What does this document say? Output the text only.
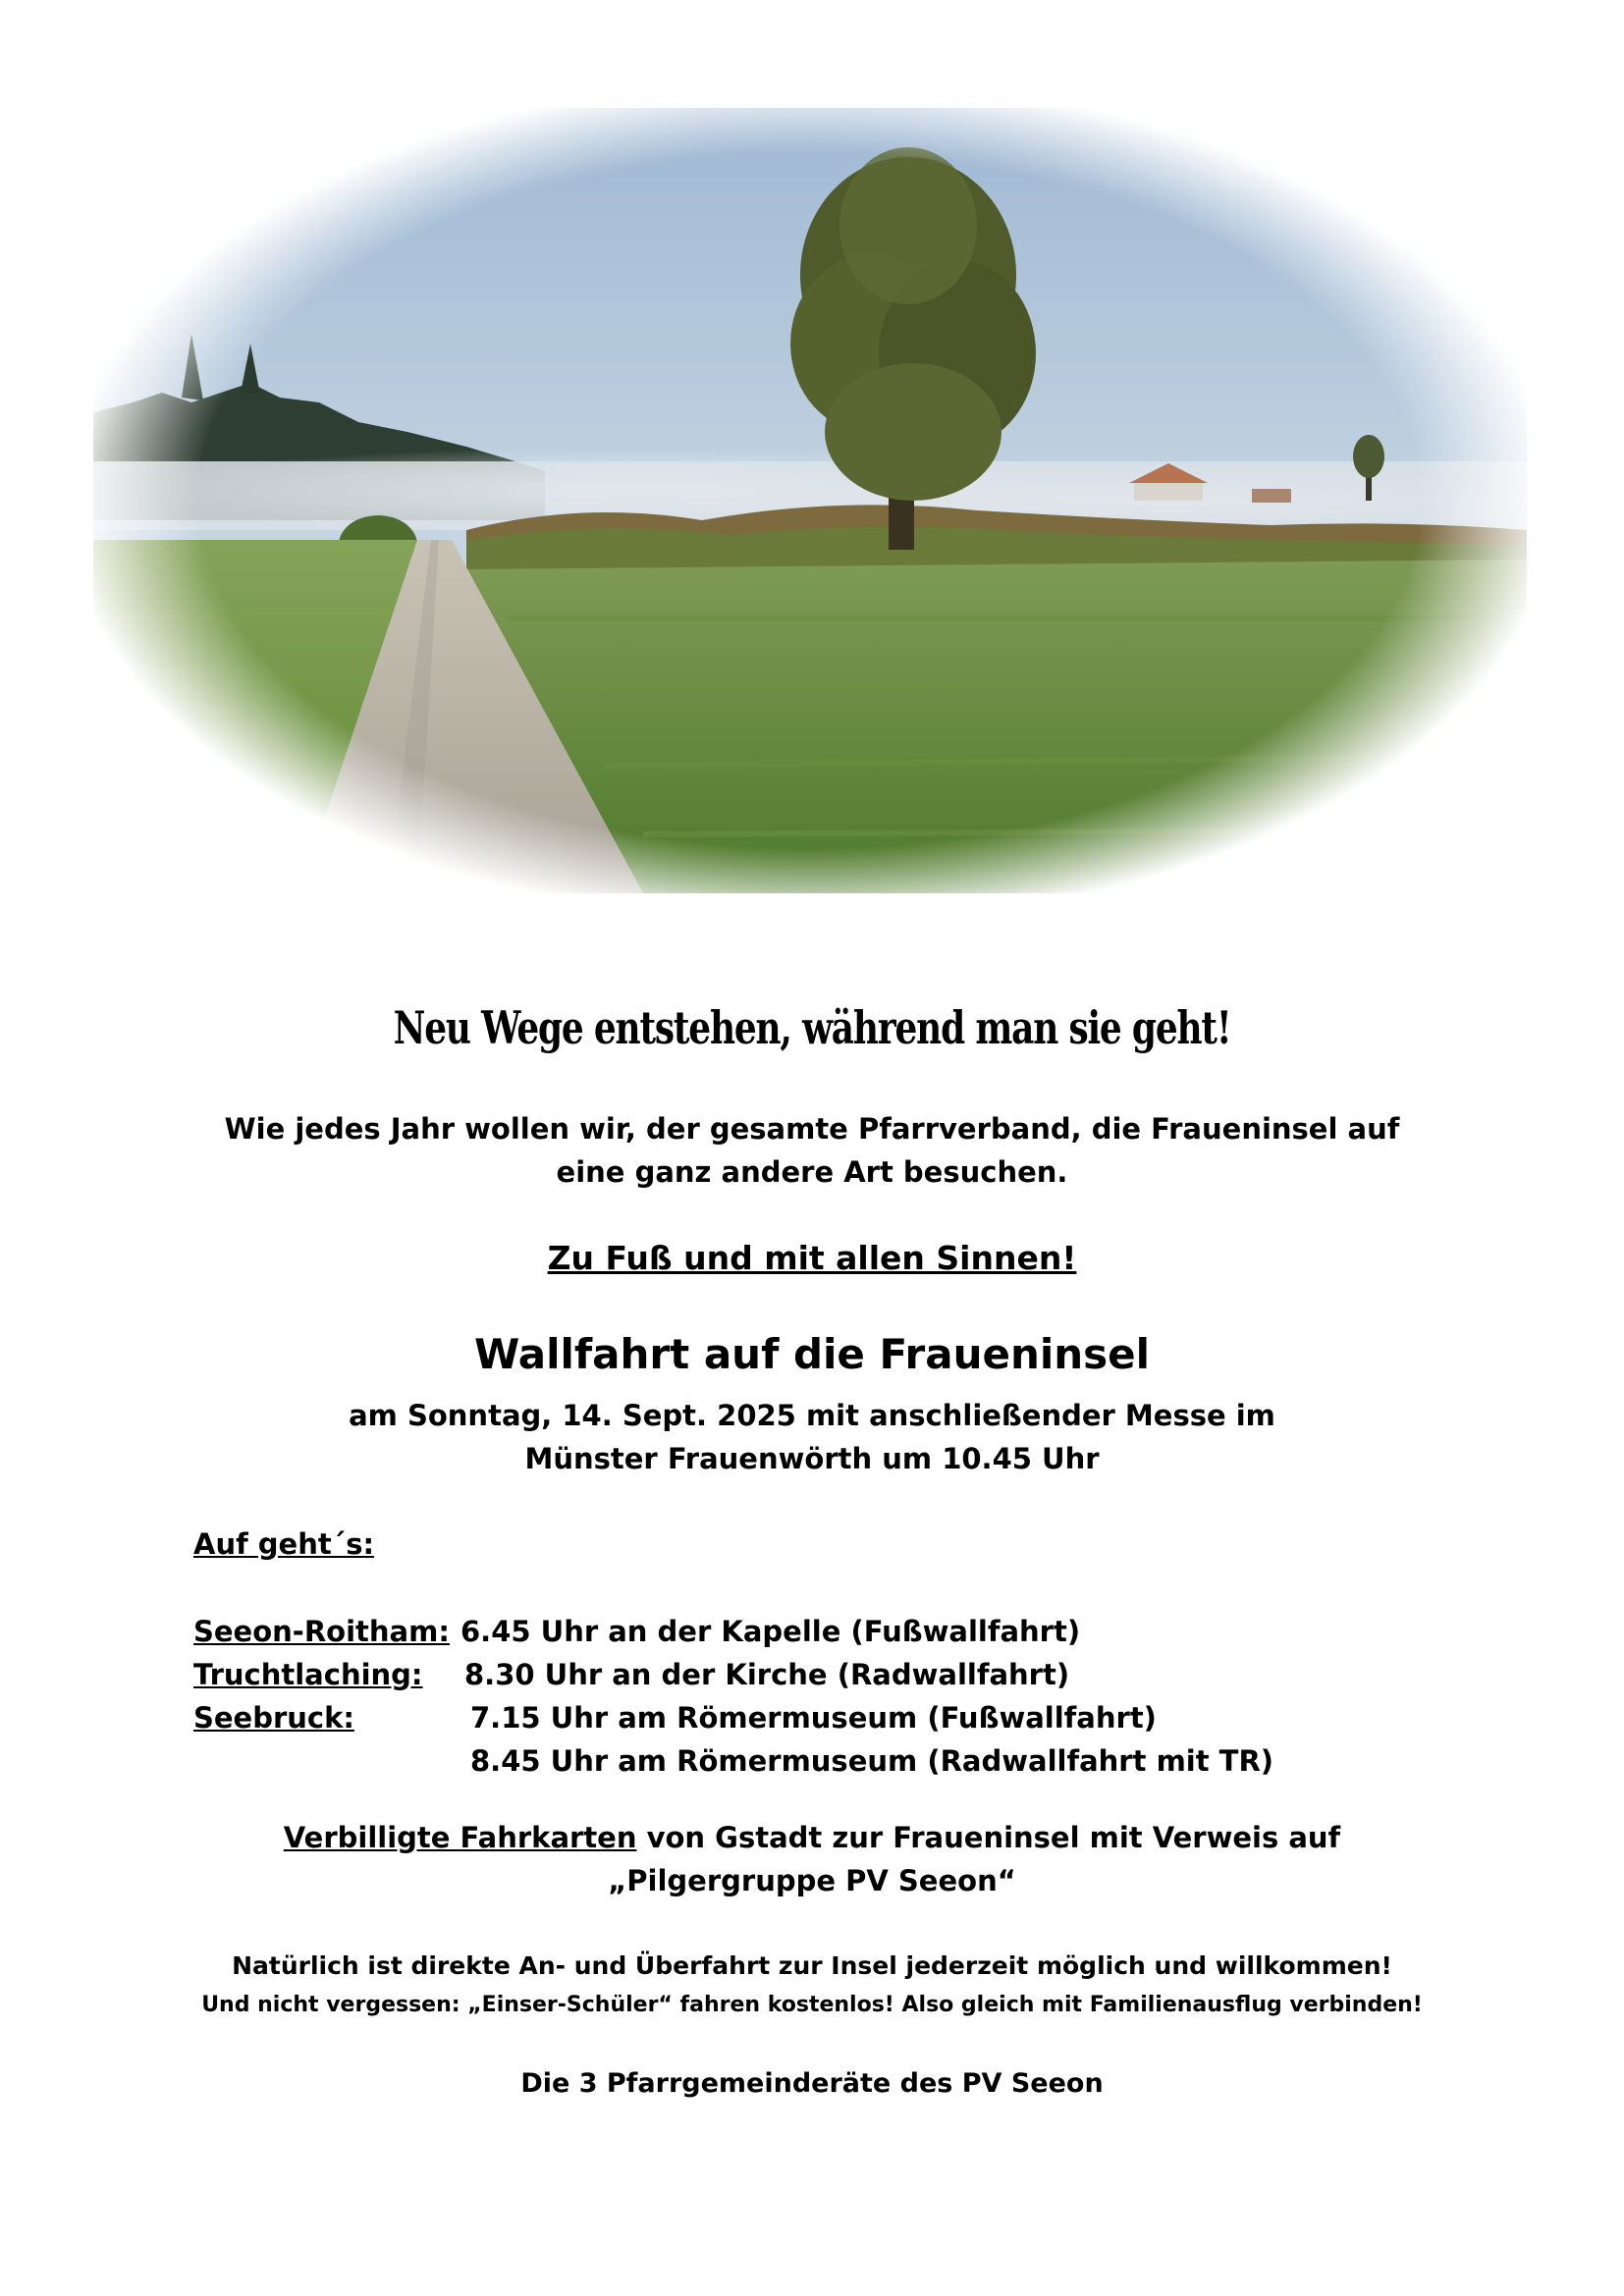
Neu Wege entstehen, während man sie geht!
Wie jedes Jahr wollen wir, der gesamte Pfarrverband, die Fraueninsel auf
eine ganz andere Art besuchen.
Zu Fuß und mit allen Sinnen!
Wallfahrt auf die Fraueninsel
am Sonntag, 14. Sept. 2025 mit anschließender Messe im
Münster Frauenwörth um 10.45 Uhr
Auf geht´s:
Seeon-Roitham: 6.45 Uhr an der Kapelle (Fußwallfahrt)
Truchtlaching: 8.30 Uhr an der Kirche (Radwallfahrt)
Seebruck:	7.15 Uhr am Römermuseum (Fußwallfahrt)
8.45 Uhr am Römermuseum (Radwallfahrt mit TR)
Verbilligte Fahrkarten von Gstadt zur Fraueninsel mit Verweis auf
„Pilgergruppe PV Seeon“
Natürlich ist direkte An- und Überfahrt zur Insel jederzeit möglich und willkommen!
Und nicht vergessen: „Einser-Schüler“ fahren kostenlos! Also gleich mit Familienausflug verbinden!
Die 3 Pfarrgemeinderäte des PV Seeon
